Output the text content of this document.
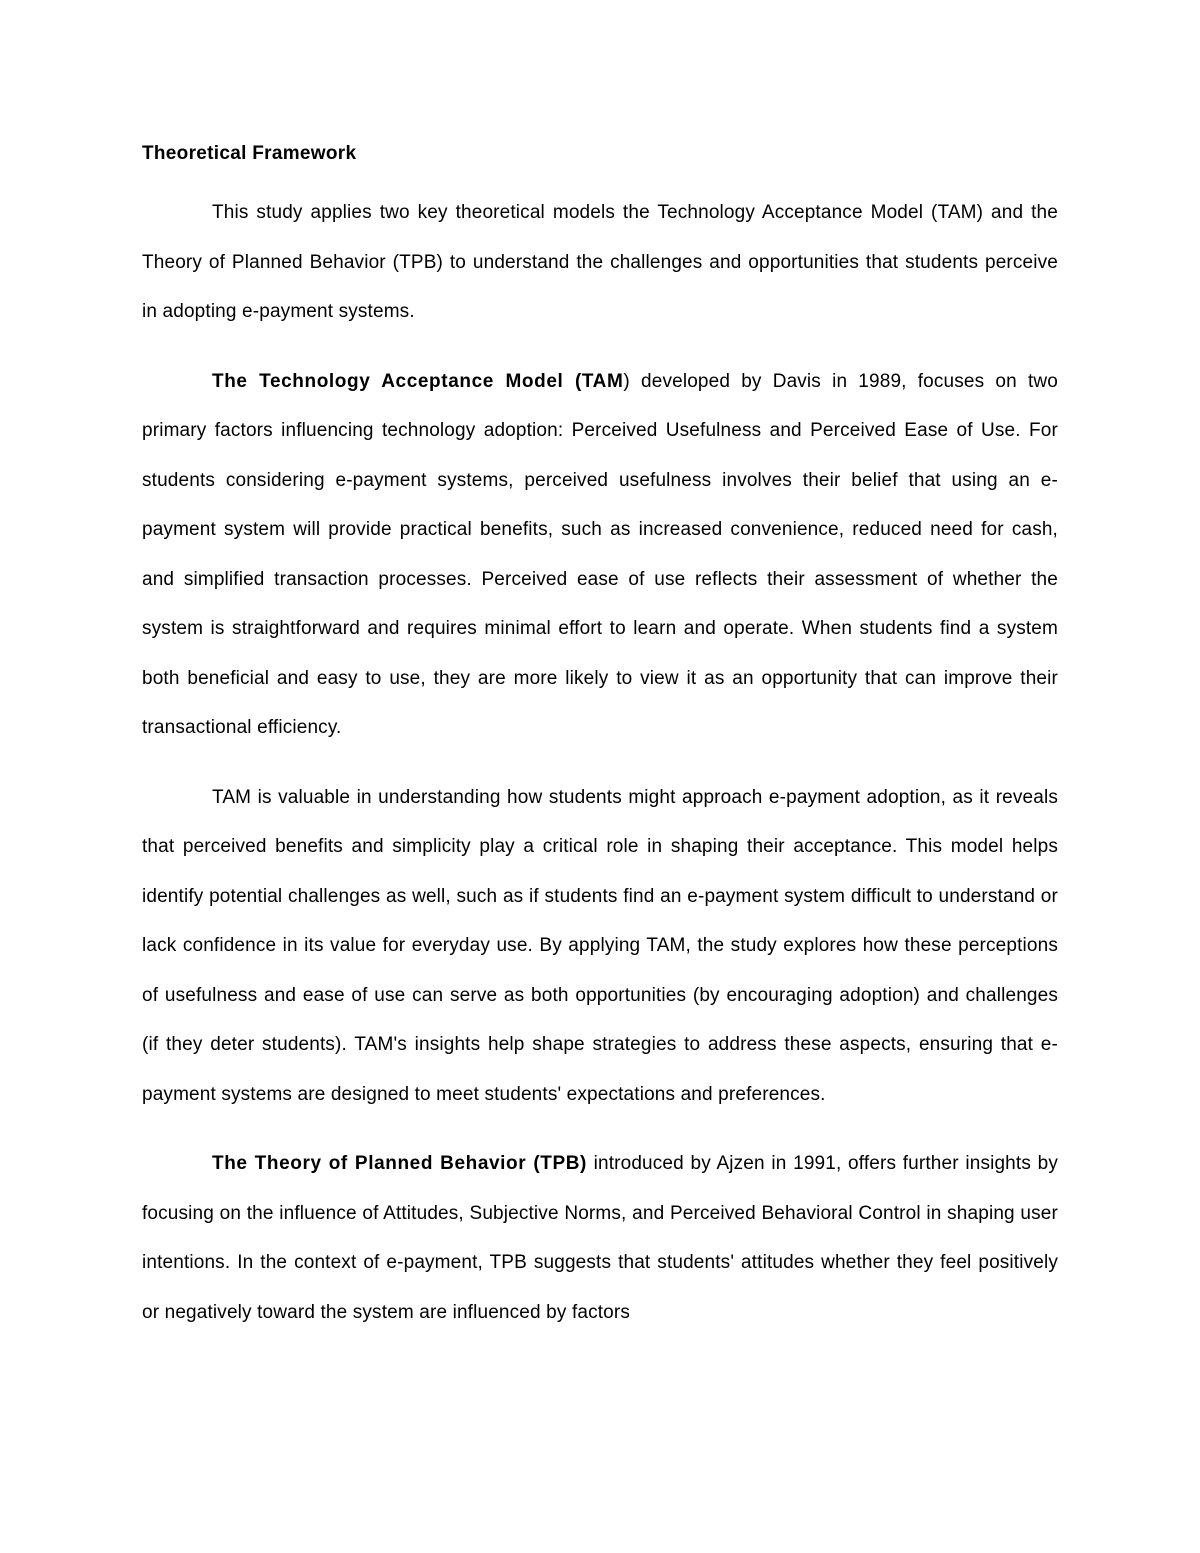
Theoretical Framework

This study applies two key theoretical models the Technology Acceptance Model (TAM) and the Theory of Planned Behavior (TPB) to understand the challenges and opportunities that students perceive in adopting e-payment systems.

The Technology Acceptance Model (TAM) developed by Davis in 1989, focuses on two primary factors influencing technology adoption: Perceived Usefulness and Perceived Ease of Use. For students considering e-payment systems, perceived usefulness involves their belief that using an e-payment system will provide practical benefits, such as increased convenience, reduced need for cash, and simplified transaction processes. Perceived ease of use reflects their assessment of whether the system is straightforward and requires minimal effort to learn and operate. When students find a system both beneficial and easy to use, they are more likely to view it as an opportunity that can improve their transactional efficiency.

TAM is valuable in understanding how students might approach e-payment adoption, as it reveals that perceived benefits and simplicity play a critical role in shaping their acceptance. This model helps identify potential challenges as well, such as if students find an e-payment system difficult to understand or lack confidence in its value for everyday use. By applying TAM, the study explores how these perceptions of usefulness and ease of use can serve as both opportunities (by encouraging adoption) and challenges (if they deter students). TAM's insights help shape strategies to address these aspects, ensuring that e-payment systems are designed to meet students' expectations and preferences.

The Theory of Planned Behavior (TPB) introduced by Ajzen in 1991, offers further insights by focusing on the influence of Attitudes, Subjective Norms, and Perceived Behavioral Control in shaping user intentions. In the context of e-payment, TPB suggests that students' attitudes whether they feel positively or negatively toward the system are influenced by factors
